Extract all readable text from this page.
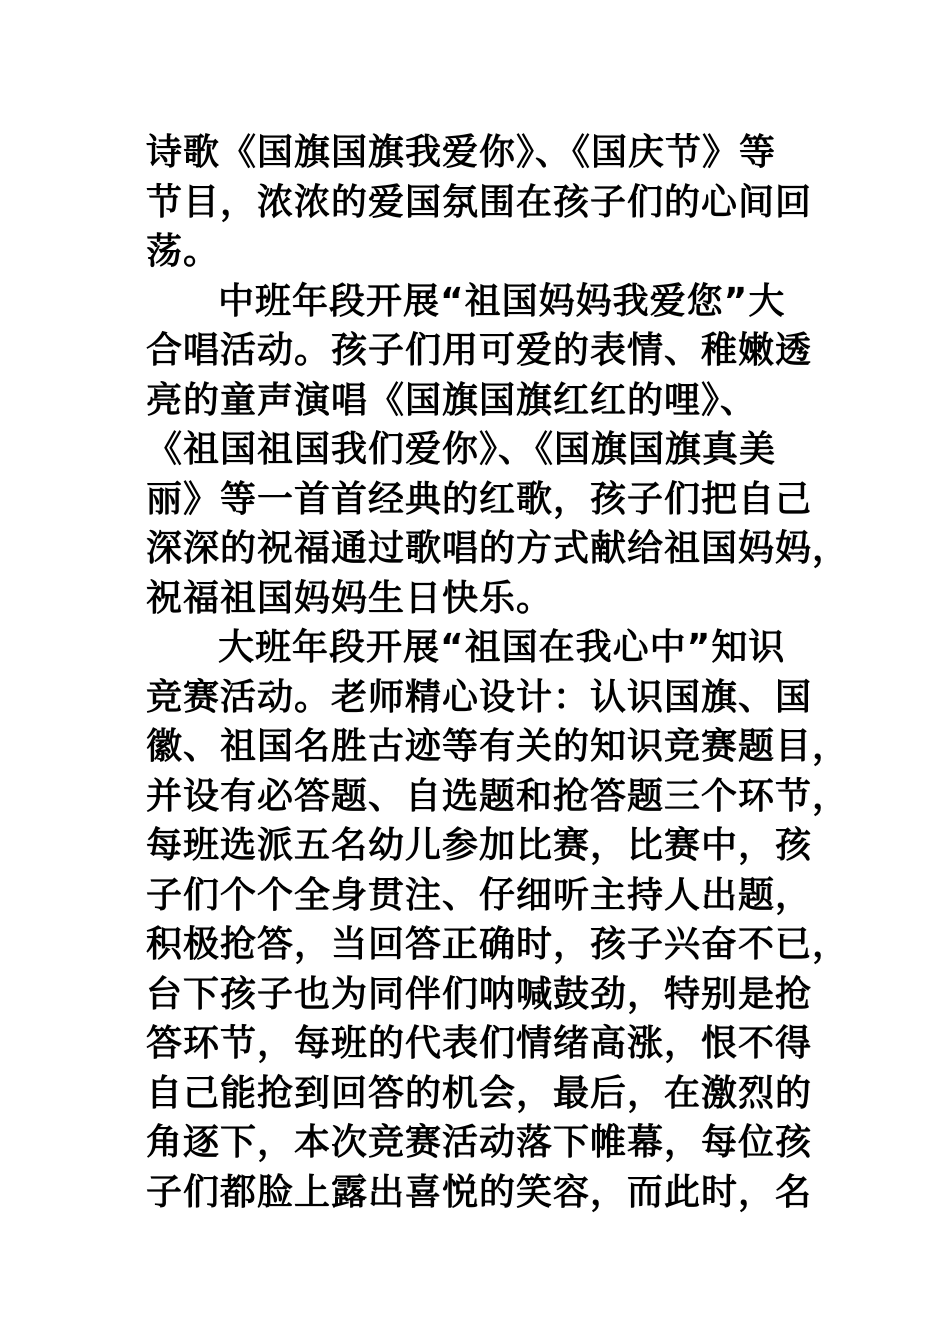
诗歌《国旗国旗我爱你》、《国庆节》等
节目，浓浓的爱国氛围在孩子们的心间回
荡。
中班年段开展“祖国妈妈我爱您”大
合唱活动。孩子们用可爱的表情、稚嫩透
亮的童声演唱《国旗国旗红红的哩》、
《祖国祖国我们爱你》、《国旗国旗真美
丽》等一首首经典的红歌，孩子们把自己
深深的祝福通过歌唱的方式献给祖国妈妈，
祝福祖国妈妈生日快乐。
大班年段开展“祖国在我心中”知识
竞赛活动。老师精心设计：认识国旗、国
徽、祖国名胜古迹等有关的知识竞赛题目，
并设有必答题、自选题和抢答题三个环节，
每班选派五名幼儿参加比赛，比赛中，孩
子们个个全身贯注、仔细听主持人出题，
积极抢答，当回答正确时，孩子兴奋不已，
台下孩子也为同伴们呐喊鼓劲，特别是抢
答环节，每班的代表们情绪高涨，恨不得
自己能抢到回答的机会，最后，在激烈的
角逐下，本次竞赛活动落下帷幕，每位孩
子们都脸上露出喜悦的笑容，而此时，名
